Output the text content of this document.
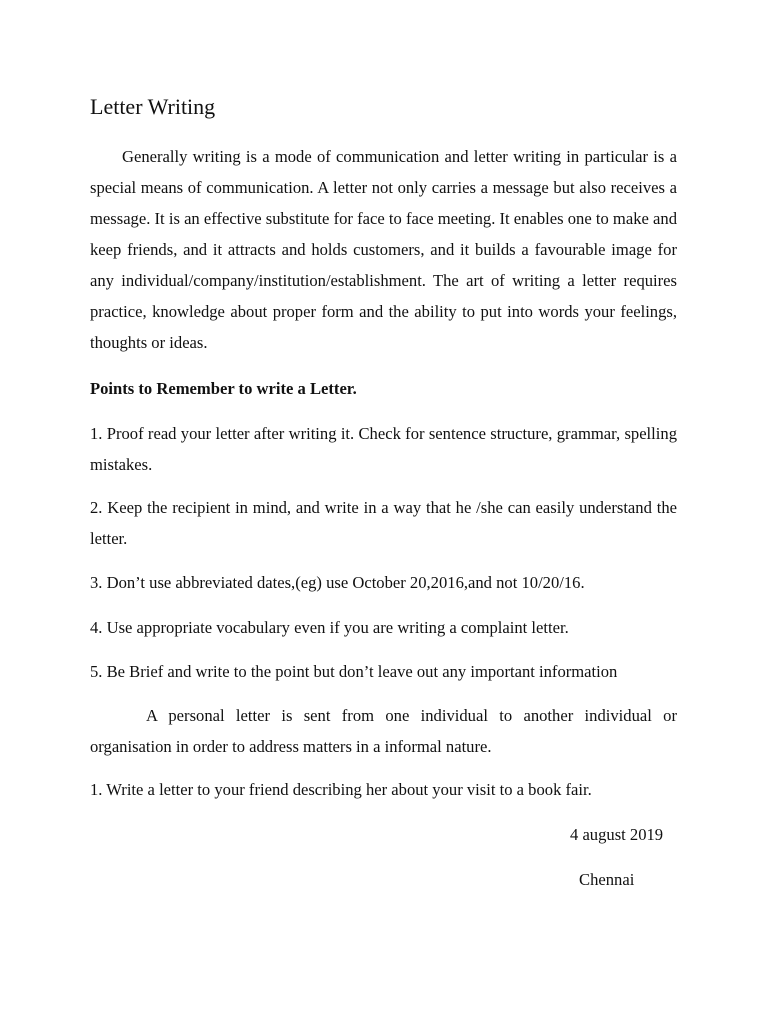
Letter Writing

Generally writing is a mode of communication and letter writing in particular is a special means of communication. A letter not only carries a message but also receives a message. It is an effective substitute for face to face meeting. It enables one to make and keep friends, and it attracts and holds customers, and it builds a favourable image for any individual/company/institution/establishment. The art of writing a letter requires practice, knowledge about proper form and the ability to put into words your feelings, thoughts or ideas.

Points to Remember to write a Letter.

1. Proof read your letter after writing it. Check for sentence structure, grammar, spelling mistakes.

2. Keep the recipient in mind, and write in a way that he /she can easily understand the letter.

3. Don’t use abbreviated dates,(eg) use October 20,2016,and not 10/20/16.

4. Use appropriate vocabulary even if you are writing a complaint letter.

5. Be Brief and write to the point but don’t leave out any important information

A personal letter is sent from one individual to another individual or organisation in order to address matters in a informal nature.

1. Write a letter to your friend describing her about your visit to a book fair.

4 august 2019

Chennai
